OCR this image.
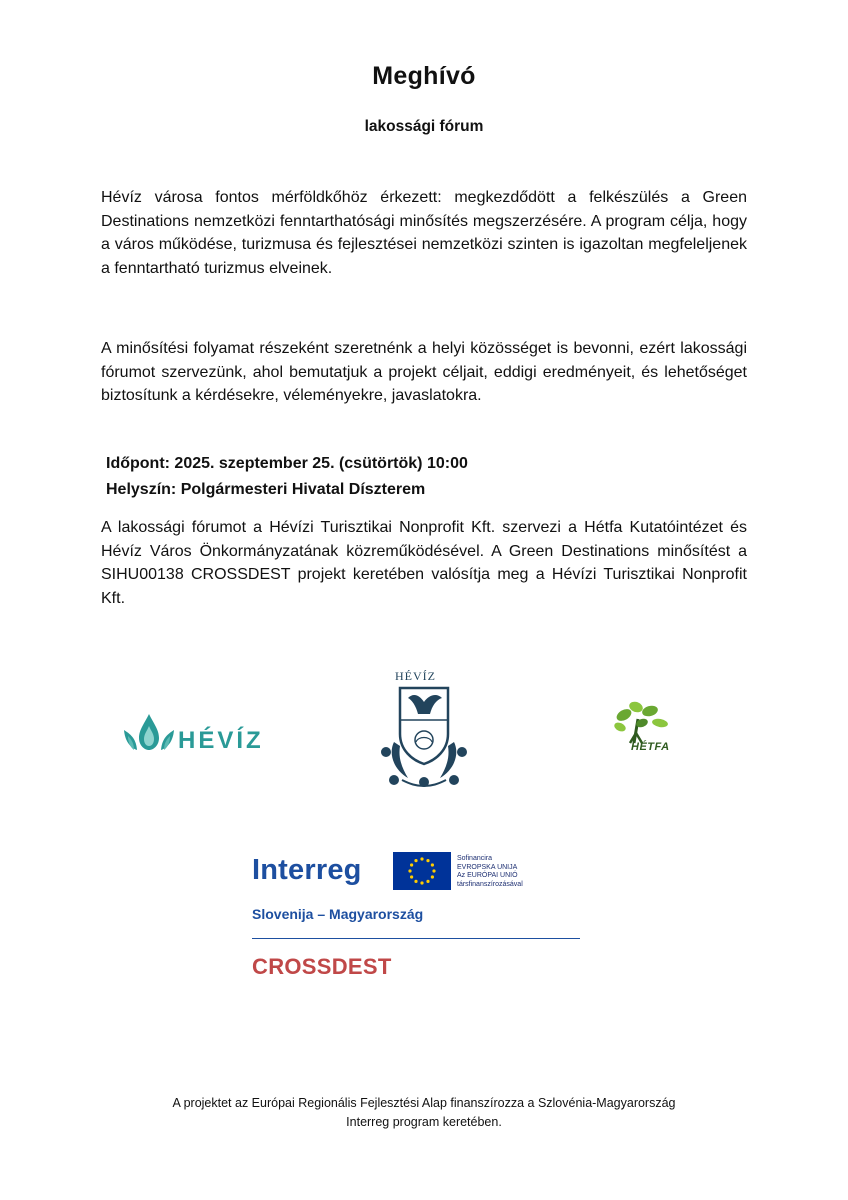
Meghívó
lakossági fórum

Hévíz városa fontos mérföldkőhöz érkezett: megkezdődött a felkészülés a Green Destinations nemzetközi fenntarthatósági minősítés megszerzésére. A program célja, hogy a város működése, turizmusa és fejlesztései nemzetközi szinten is igazoltan megfeleljenek a fenntartható turizmus elveinek.

A minősítési folyamat részeként szeretnénk a helyi közösséget is bevonni, ezért lakossági fórumot szervezünk, ahol bemutatjuk a projekt céljait, eddigi eredményeit, és lehetőséget biztosítunk a kérdésekre, véleményekre, javaslatokra.

Időpont: 2025. szeptember 25. (csütörtök) 10:00
Helyszín: Polgármesteri Hivatal Díszterem

A lakossági fórumot a Hévízi Turisztikai Nonprofit Kft. szervezi a Hétfa Kutatóintézet és Hévíz Város Önkormányzatának közreműködésével. A Green Destinations minősítést a SIHU00138 CROSSDEST projekt keretében valósítja meg a Hévízi Turisztikai Nonprofit Kft.

HÉVÍZ
HÉVÍZ
HÉTFA
Interreg	Sofinancira
EVROPSKA UNIJA
Az EURÓPAI UNIÓ
társfinanszírozásával
Slovenija – Magyarország
CROSSDEST
A projektet az Európai Regionális Fejlesztési Alap finanszírozza a Szlovénia-Magyarország
Interreg program keretében.
